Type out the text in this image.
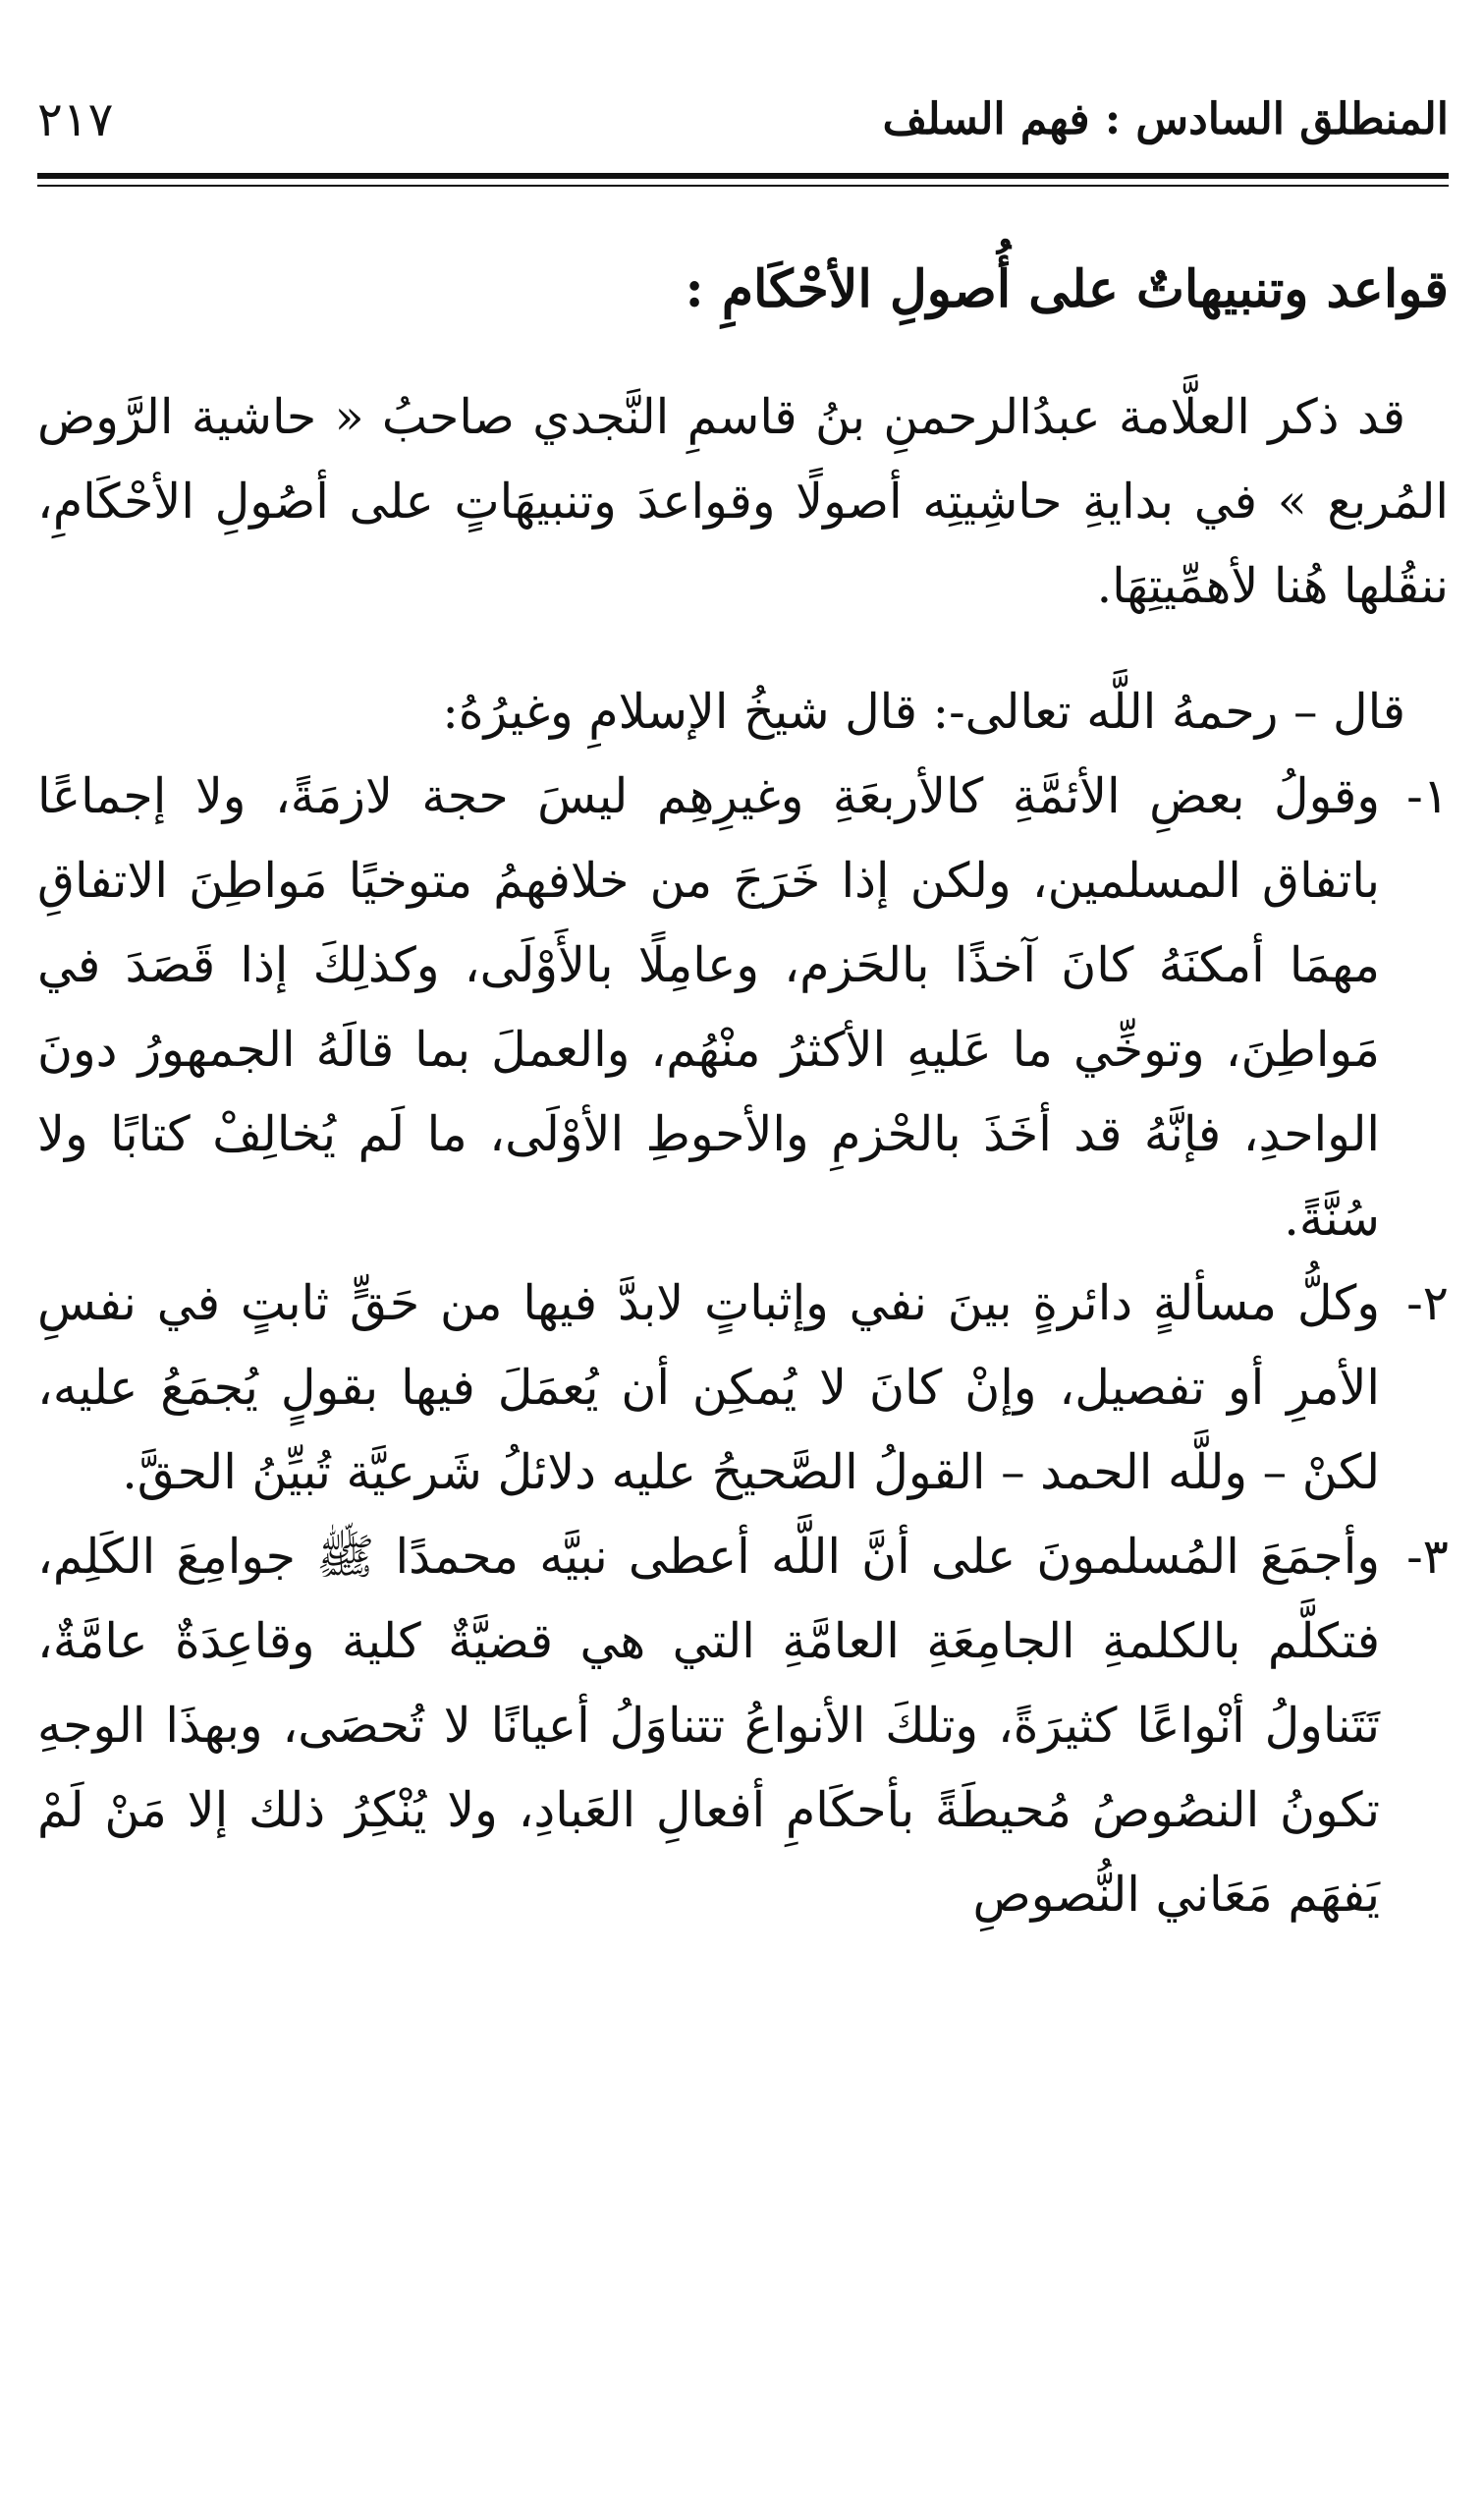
المنطلق السادس : فهم السلف
٢١٧
قواعد وتنبيهاتٌ على أُصولِ الأحْكَامِ :

قد ذكر العلَّامة عبدُالرحمنِ بنُ قاسمِ النَّجدي صاحبُ « حاشية الرَّوض المُربع » في بدايةِ حاشِيتِه أصولًا وقواعدَ وتنبيهَاتٍ على أصُولِ الأحْكَامِ، ننقُلها هُنا لأهمِّيتِهَا.

قال – رحمهُ اللَّه تعالى-: قال شيخُ الإسلامِ وغيرُهُ:

١-
وقولُ بعضِ الأئمَّةِ كالأربعَةِ وغيرِهِم ليسَ حجة لازمَةً، ولا إجماعًا باتفاق المسلمين، ولكن إذا خَرَجَ من خلافهمُ متوخيًا مَواطِنَ الاتفاقِ مهمَا أمكنَهُ كانَ آخذًا بالحَزم، وعامِلًا بالأَوْلَى، وكذلِكَ إذا قَصَدَ في مَواطِنَ، وتوخِّي ما عَليهِ الأكثرُ منْهُم، والعملَ بما قالَهُ الجمهورُ دونَ الواحدِ، فإنَّهُ قد أخَذَ بالحْزمِ والأحوطِ الأوْلَى، ما لَم يُخالِفْ كتابًا ولا سُنَّةً.
٢-
وكلُّ مسألةٍ دائرةٍ بينَ نفي وإثباتٍ لابدَّ فيها من حَقٍّ ثابتٍ في نفسِ الأمرِ أو تفصيل، وإنْ كانَ لا يُمكِن أن يُعمَلَ فيها بقولٍ يُجمَعُ عليه، لكنْ – وللَّه الحمد – القولُ الصَّحيحُ عليه دلائلُ شَرعيَّة تُبيِّنُ الحقَّ.
٣-
وأجمَعَ المُسلمونَ على أنَّ اللَّه أعطى نبيَّه محمدًا ﷺ جوامِعَ الكَلِم، فتكلَّم بالكلمةِ الجامِعَةِ العامَّةِ التي هي قضيَّةٌ كلية وقاعِدَةٌ عامَّةٌ، تَتَناولُ أنْواعًا كثيرَةً، وتلكَ الأنواعُ تتناوَلُ أعيانًا لا تُحصَى، وبهذَا الوجهِ تكونُ النصُوصُ مُحيطَةً بأحكَامِ أفعالِ العَبادِ، ولا يُنْكِرُ ذلك إلا مَنْ لَمْ يَفهَم مَعَاني النُّصوصِ
